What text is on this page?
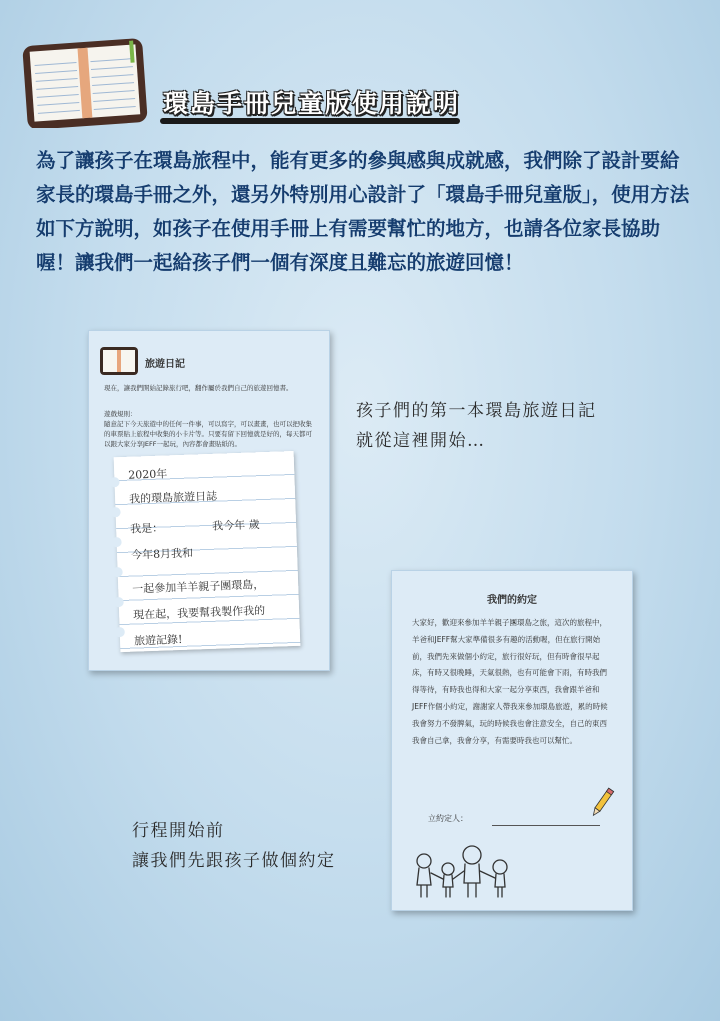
環島手冊兒童版使用說明

為了讓孩子在環島旅程中，能有更多的參與感與成就感，我們除了設計要給家長的環島手冊之外，還另外特別用心設計了「環島手冊兒童版」，使用方法如下方說明，如孩子在使用手冊上有需要幫忙的地方，也請各位家長協助喔！讓我們一起給孩子們一個有深度且難忘的旅遊回憶！

旅遊日記

現在，讓我們開始記錄旅行吧，翻作屬於我們自己的旅遊回憶書。

遊戲規則：
隨意記下今天旅遊中的任何一件事，可以寫字，可以畫畫，也可以把收集的車票貼上旅程中收集的小卡片等。只要有留下回憶就是好的，每天都可以跟大家分享JEFF一起玩，內容都會畫貼紙的。
2020年
我的環島旅遊日誌
我是：	我今年 歲
今年8月我和
一起參加羊羊親子團環島，
現在起，我要幫我製作我的
旅遊記錄!
孩子們的第一本環島旅遊日記
就從這裡開始…
我們的約定

大家好，歡迎來參加羊羊親子團環島之旅，這次的旅程中，羊爸和JEFF幫大家準備很多有趣的活動喔，但在旅行開始前，我們先來做個小約定，旅行很好玩，但有時會很早起床，有時又很晚睡，天氣很熱，也有可能會下雨，有時我們得等待，有時我也得和大家一起分享東西，我會跟羊爸和JEFF作個小約定，謝謝家人帶我來參加環島旅遊，累的時候我會努力不發脾氣，玩的時候我也會注意安全，自己的東西我會自己拿，我會分享，有需要時我也可以幫忙。

立約定人：
行程開始前
讓我們先跟孩子做個約定
